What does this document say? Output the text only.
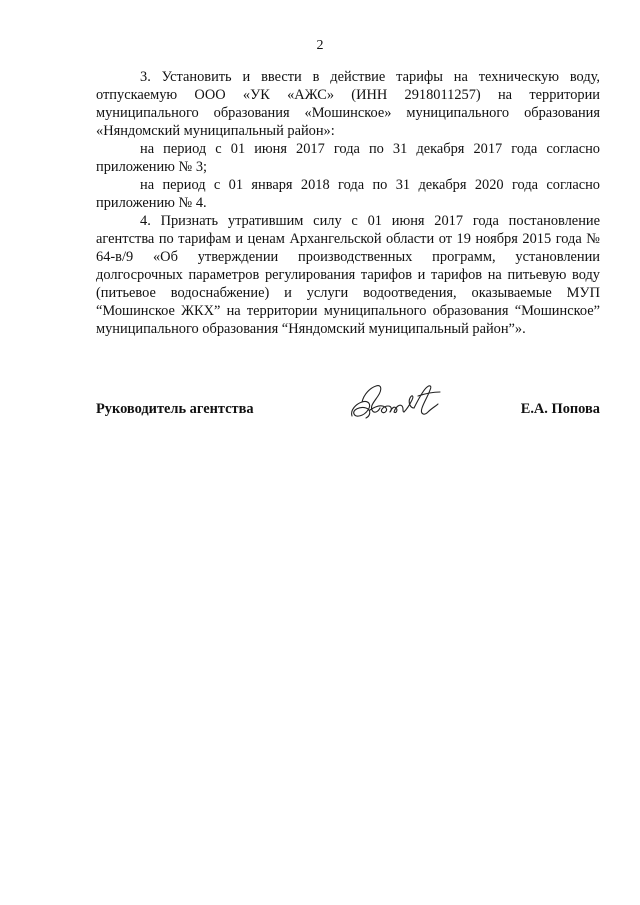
2

3. Установить и ввести в действие тарифы на техническую воду, отпускаемую ООО «УК «АЖС» (ИНН 2918011257) на территории муниципального образования «Мошинское» муниципального образования «Няндомский муниципальный район»:

на период с 01 июня 2017 года по 31 декабря 2017 года согласно приложению № 3;

на период с 01 января 2018 года по 31 декабря 2020 года согласно приложению № 4.

4. Признать утратившим силу с 01 июня 2017 года постановление агентства по тарифам и ценам Архангельской области от 19 ноября 2015 года № 64-в/9 «Об утверждении производственных программ, установлении долгосрочных параметров регулирования тарифов и тарифов на питьевую воду (питьевое водоснабжение) и услуги водоотведения, оказываемые МУП “Мошинское ЖКХ” на территории муниципального образования “Мошинское” муниципального образования “Няндомский муниципальный район”».

Руководитель агентства	Е.А. Попова
